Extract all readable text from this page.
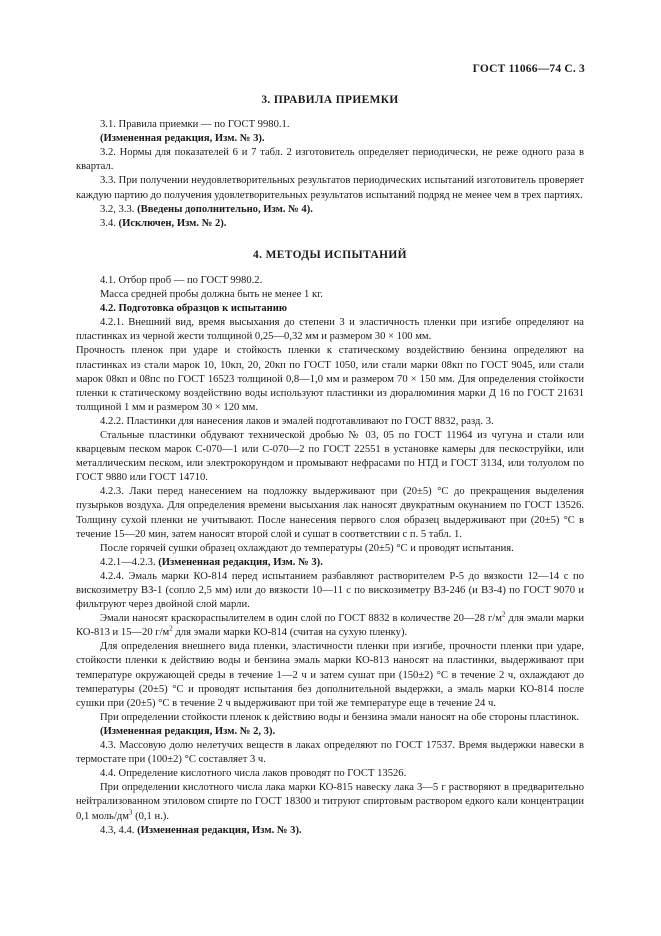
ГОСТ 11066—74 С. 3
3. ПРАВИЛА ПРИЕМКИ

3.1. Правила приемки — по ГОСТ 9980.1.

(Измененная редакция, Изм. № 3).

3.2. Нормы для показателей 6 и 7 табл. 2 изготовитель определяет периодически, не реже одного раза в квартал.

3.3. При получении неудовлетворительных результатов периодических испытаний изготовитель проверяет каждую партию до получения удовлетворительных результатов испытаний подряд не менее чем в трех партиях.

3.2, 3.3. (Введены дополнительно, Изм. № 4).

3.4. (Исключен, Изм. № 2).

4. МЕТОДЫ ИСПЫТАНИЙ

4.1. Отбор проб — по ГОСТ 9980.2.

Масса средней пробы должна быть не менее 1 кг.

4.2. Подготовка образцов к испытанию

4.2.1. Внешний вид, время высыхания до степени 3 и эластичность пленки при изгибе определяют на пластинках из черной жести толщиной 0,25—0,32 мм и размером 30 × 100 мм.

Прочность пленок при ударе и стойкость пленки к статическому воздействию бензина определяют на пластинках из стали марок 10, 10кп, 20, 20кп по ГОСТ 1050, или стали марки 08кп по ГОСТ 9045, или стали марок 08кп и 08пс по ГОСТ 16523 толщиной 0,8—1,0 мм и размером 70 × 150 мм. Для определения стойкости пленки к статическому воздействию воды используют пластинки из дюралюминия марки Д 16 по ГОСТ 21631 толщиной 1 мм и размером 30 × 120 мм.

4.2.2. Пластинки для нанесения лаков и эмалей подготавливают по ГОСТ 8832, разд. 3.

Стальные пластинки обдувают технической дробью № 03, 05 по ГОСТ 11964 из чугуна и стали или кварцевым песком марок С-070—1 или С-070—2 по ГОСТ 22551 в установке камеры для пескоструйки, или металлическим песком, или электрокорундом и промывают нефрасами по НТД и ГОСТ 3134, или толуолом по ГОСТ 9880 или ГОСТ 14710.

4.2.3. Лаки перед нанесением на подложку выдерживают при (20±5) °С до прекращения выделения пузырьков воздуха. Для определения времени высыхания лак наносят двукратным окунанием по ГОСТ 13526. Толщину сухой пленки не учитывают. После нанесения первого слоя образец выдерживают при (20±5) °С в течение 15—20 мин, затем наносят второй слой и сушат в соответствии с п. 5 табл. 1.

После горячей сушки образец охлаждают до температуры (20±5) °С и проводят испытания.

4.2.1—4.2.3. (Измененная редакция, Изм. № 3).

4.2.4. Эмаль марки КО-814 перед испытанием разбавляют растворителем Р-5 до вязкости 12—14 с по вискозиметру ВЗ-1 (сопло 2,5 мм) или до вязкости 10—11 с по вискозиметру ВЗ-246 (и ВЗ-4) по ГОСТ 9070 и фильтруют через двойной слой марли.

Эмали наносят краскораспылителем в один слой по ГОСТ 8832 в количестве 20—28 $г/м^2$ для эмали марки КО-813 и 15—20 $г/м^2$ для эмали марки КО-814 (считая на сухую пленку).

Для определения внешнего вида пленки, эластичности пленки при изгибе, прочности пленки при ударе, стойкости пленки к действию воды и бензина эмаль марки КО-813 наносят на пластинки, выдерживают при температуре окружающей среды в течение 1—2 ч и затем сушат при (150±2) °С в течение 2 ч, охлаждают до температуры (20±5) °С и проводят испытания без дополнительной выдержки, а эмаль марки КО-814 после сушки при (20±5) °С в течение 2 ч выдерживают при той же температуре еще в течение 24 ч.

При определении стойкости пленок к действию воды и бензина эмали наносят на обе стороны пластинок.

(Измененная редакция, Изм. № 2, 3).

4.3. Массовую долю нелетучих веществ в лаках определяют по ГОСТ 17537. Время выдержки навески в термостате при (100±2) °С составляет 3 ч.

4.4. Определение кислотного числа лаков проводят по ГОСТ 13526.

При определении кислотного числа лака марки КО-815 навеску лака 3—5 г растворяют в предварительно нейтрализованном этиловом спирте по ГОСТ 18300 и титруют спиртовым раствором едкого кали концентрации 0,1 моль/$дм^3$ (0,1 н.).

4.3, 4.4. (Измененная редакция, Изм. № 3).
